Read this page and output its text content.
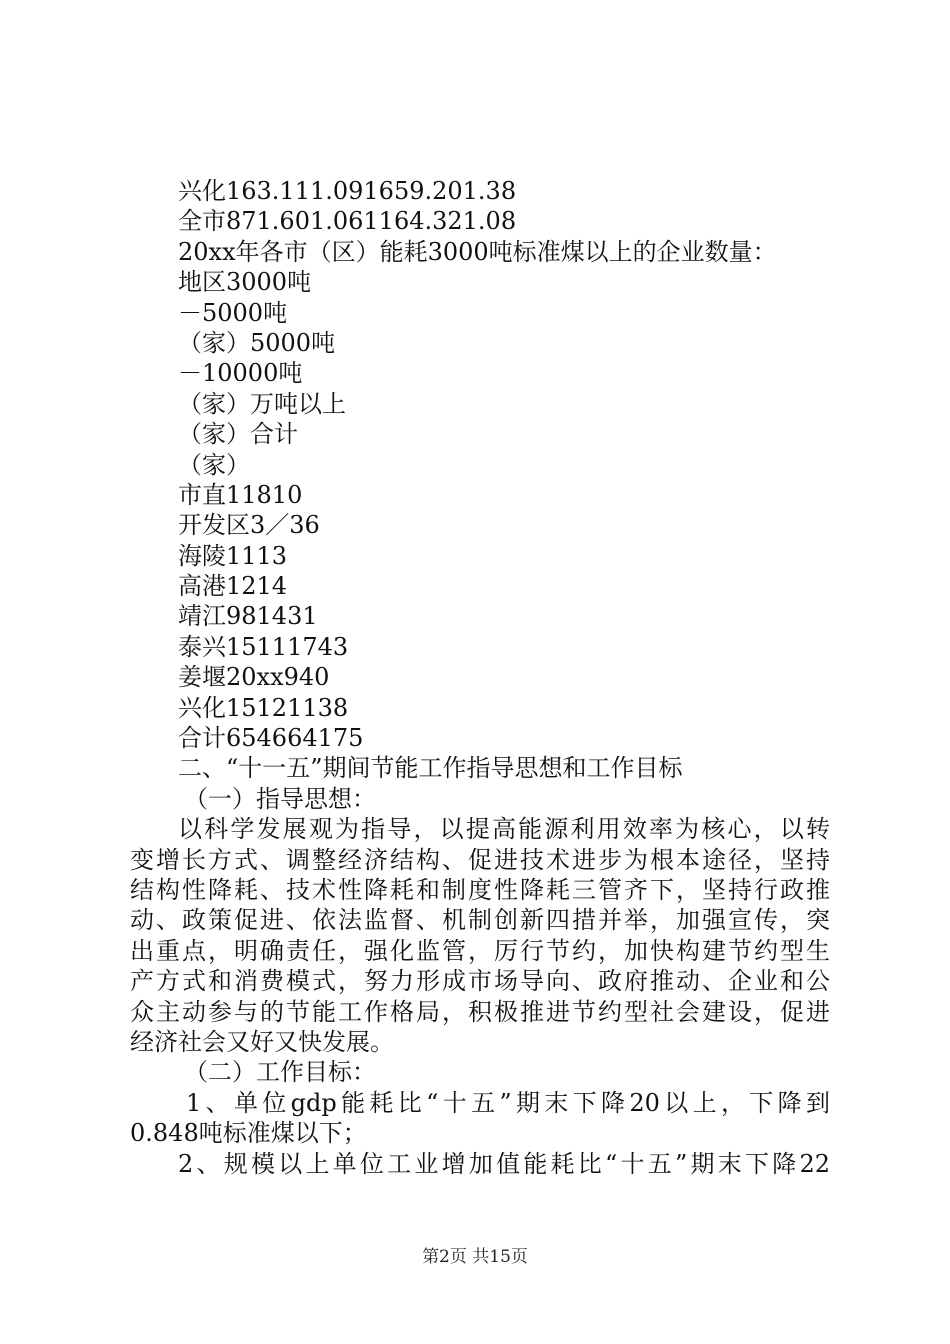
兴化163.111.091659.201.38
全市871.601.061164.321.08
20xx年各市（区）能耗3000吨标准煤以上的企业数量：
地区3000吨
－5000吨
（家）5000吨
－10000吨
（家）万吨以上
（家）合计
（家）
市直11810
开发区3／36
海陵1113
高港1214
靖江981431
泰兴15111743
姜堰20xx940
兴化15121138
合计654664175
二、“十一五”期间节能工作指导思想和工作目标
（一）指导思想：
以科学发展观为指导，以提高能源利用效率为核心，以转
变增长方式、调整经济结构、促进技术进步为根本途径，坚持
结构性降耗、技术性降耗和制度性降耗三管齐下，坚持行政推
动、政策促进、依法监督、机制创新四措并举，加强宣传，突
出重点，明确责任，强化监管，厉行节约，加快构建节约型生
产方式和消费模式，努力形成市场导向、政府推动、企业和公
众主动参与的节能工作格局，积极推进节约型社会建设，促进
经济社会又好又快发展。
（二）工作目标：
1、单位gdp能耗比“十五”期末下降20以上，下降到
0.848吨标准煤以下；
2、规模以上单位工业增加值能耗比“十五”期末下降22
第2页 共15页
